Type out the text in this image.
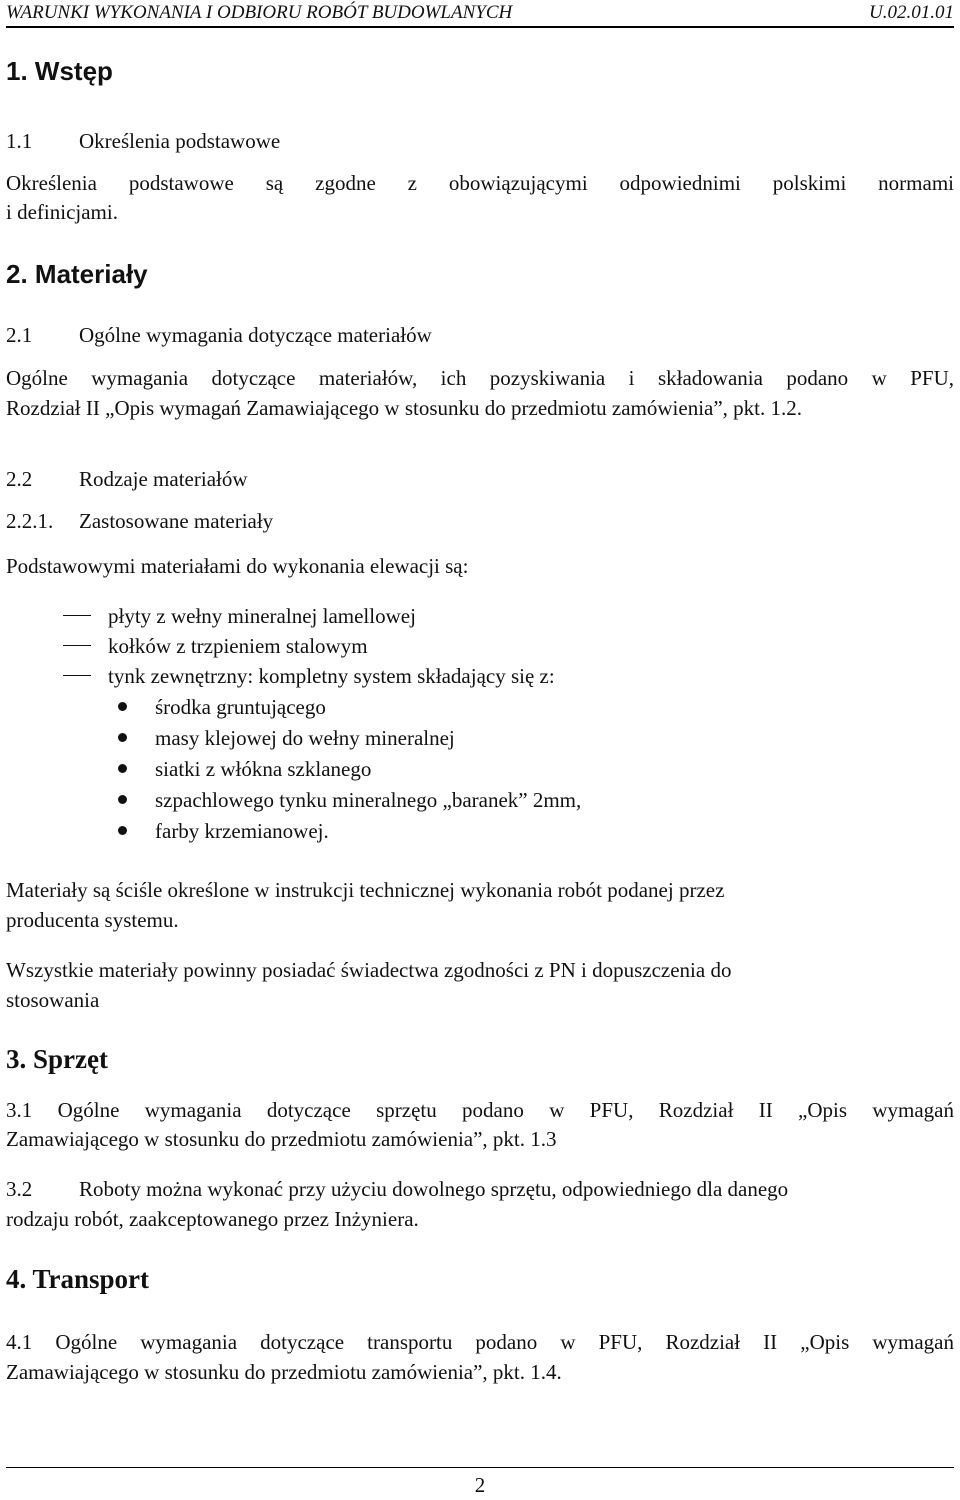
WARUNKI WYKONANIA I ODBIORU ROBÓT BUDOWLANYCH	U.02.01.01
1. Wstęp
1.1 Określenia podstawowe
Określenia podstawowe są zgodne z obowiązującymi odpowiednimi polskimi normami
i definicjami.
2. Materiały
2.1 Ogólne wymagania dotyczące materiałów
Ogólne wymagania dotyczące materiałów, ich pozyskiwania i składowania podano w PFU,
Rozdział II „Opis wymagań Zamawiającego w stosunku do przedmiotu zamówienia”, pkt. 1.2.
2.2 Rodzaje materiałów
2.2.1. Zastosowane materiały
Podstawowymi materiałami do wykonania elewacji są:
płyty z wełny mineralnej lamellowej
kołków z trzpieniem stalowym
tynk zewnętrzny: kompletny system składający się z:
środka gruntującego
masy klejowej do wełny mineralnej
siatki z włókna szklanego
szpachlowego tynku mineralnego „baranek” 2mm,
farby krzemianowej.
Materiały są ściśle określone w instrukcji technicznej wykonania robót podanej przez
producenta systemu.
Wszystkie materiały powinny posiadać świadectwa zgodności z PN i dopuszczenia do
stosowania
3. Sprzęt
3.1 Ogólne wymagania dotyczące sprzętu podano w PFU, Rozdział II „Opis wymagań
Zamawiającego w stosunku do przedmiotu zamówienia”, pkt. 1.3
3.2 Roboty można wykonać przy użyciu dowolnego sprzętu, odpowiedniego dla danego
rodzaju robót, zaakceptowanego przez Inżyniera.
4. Transport
4.1 Ogólne wymagania dotyczące transportu podano w PFU, Rozdział II „Opis wymagań
Zamawiającego w stosunku do przedmiotu zamówienia”, pkt. 1.4.
2
